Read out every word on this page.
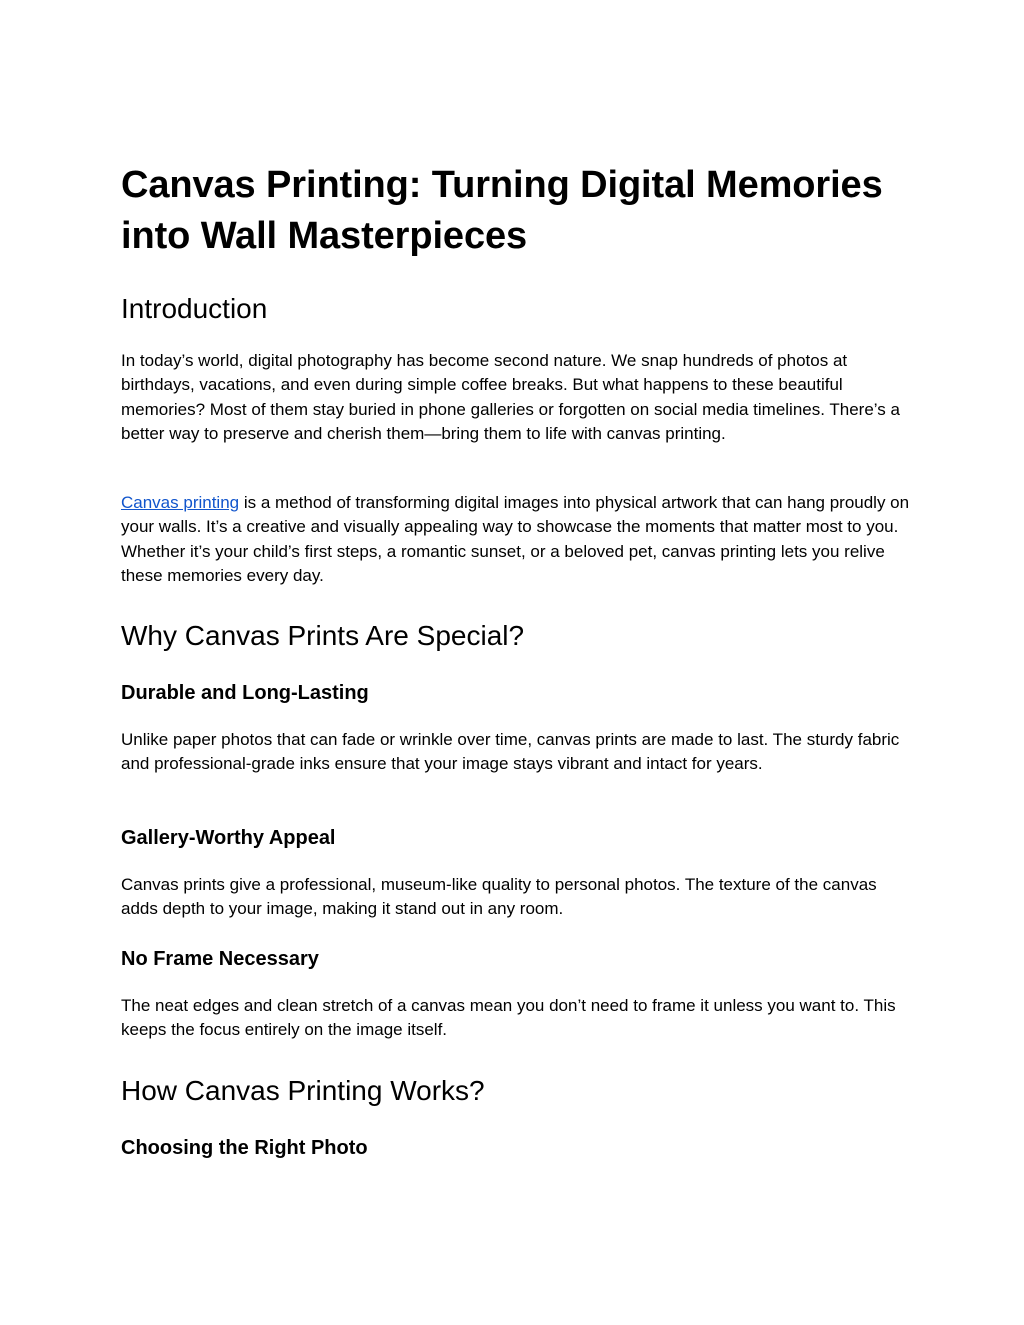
Canvas Printing: Turning Digital Memories into Wall Masterpieces
Introduction

In today’s world, digital photography has become second nature. We snap hundreds of photos at birthdays, vacations, and even during simple coffee breaks. But what happens to these beautiful memories? Most of them stay buried in phone galleries or forgotten on social media timelines. There’s a better way to preserve and cherish them—bring them to life with canvas printing.

Canvas printing is a method of transforming digital images into physical artwork that can hang proudly on your walls. It’s a creative and visually appealing way to showcase the moments that matter most to you. Whether it’s your child’s first steps, a romantic sunset, or a beloved pet, canvas printing lets you relive these memories every day.

Why Canvas Prints Are Special?
Durable and Long-Lasting

Unlike paper photos that can fade or wrinkle over time, canvas prints are made to last. The sturdy fabric and professional-grade inks ensure that your image stays vibrant and intact for years.

Gallery-Worthy Appeal

Canvas prints give a professional, museum-like quality to personal photos. The texture of the canvas adds depth to your image, making it stand out in any room.

No Frame Necessary

The neat edges and clean stretch of a canvas mean you don’t need to frame it unless you want to. This keeps the focus entirely on the image itself.

How Canvas Printing Works?
Choosing the Right Photo
